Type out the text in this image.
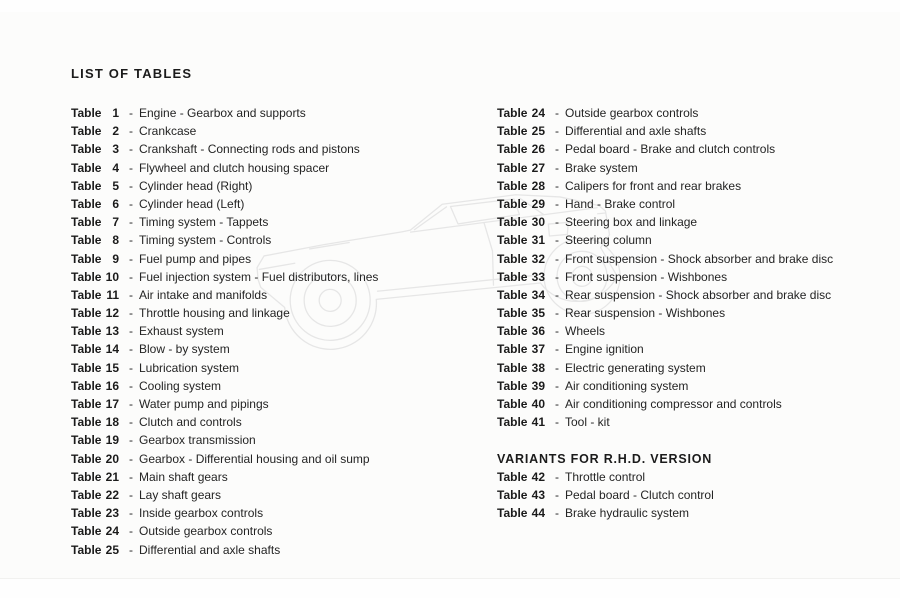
LIST OF TABLES
Table 1 - Engine - Gearbox and supports
Table 2 - Crankcase
Table 3 - Crankshaft - Connecting rods and pistons
Table 4 - Flywheel and clutch housing spacer
Table 5 - Cylinder head (Right)
Table 6 - Cylinder head (Left)
Table 7 - Timing system - Tappets
Table 8 - Timing system - Controls
Table 9 - Fuel pump and pipes
Table 10 - Fuel injection system - Fuel distributors, lines
Table 11 - Air intake and manifolds
Table 12 - Throttle housing and linkage
Table 13 - Exhaust system
Table 14 - Blow - by system
Table 15 - Lubrication system
Table 16 - Cooling system
Table 17 - Water pump and pipings
Table 18 - Clutch and controls
Table 19 - Gearbox transmission
Table 20 - Gearbox - Differential housing and oil sump
Table 21 - Main shaft gears
Table 22 - Lay shaft gears
Table 23 - Inside gearbox controls
Table 24 - Outside gearbox controls
Table 25 - Differential and axle shafts
Table 24 - Outside gearbox controls
Table 25 - Differential and axle shafts
Table 26 - Pedal board - Brake and clutch controls
Table 27 - Brake system
Table 28 - Calipers for front and rear brakes
Table 29 - Hand - Brake control
Table 30 - Steering box and linkage
Table 31 - Steering column
Table 32 - Front suspension - Shock absorber and brake disc
Table 33 - Front suspension - Wishbones
Table 34 - Rear suspension - Shock absorber and brake disc
Table 35 - Rear suspension - Wishbones
Table 36 - Wheels
Table 37 - Engine ignition
Table 38 - Electric generating system
Table 39 - Air conditioning system
Table 40 - Air conditioning compressor and controls
Table 41 - Tool - kit
VARIANTS FOR R.H.D. VERSION
Table 42 - Throttle control
Table 43 - Pedal board - Clutch control
Table 44 - Brake hydraulic system
